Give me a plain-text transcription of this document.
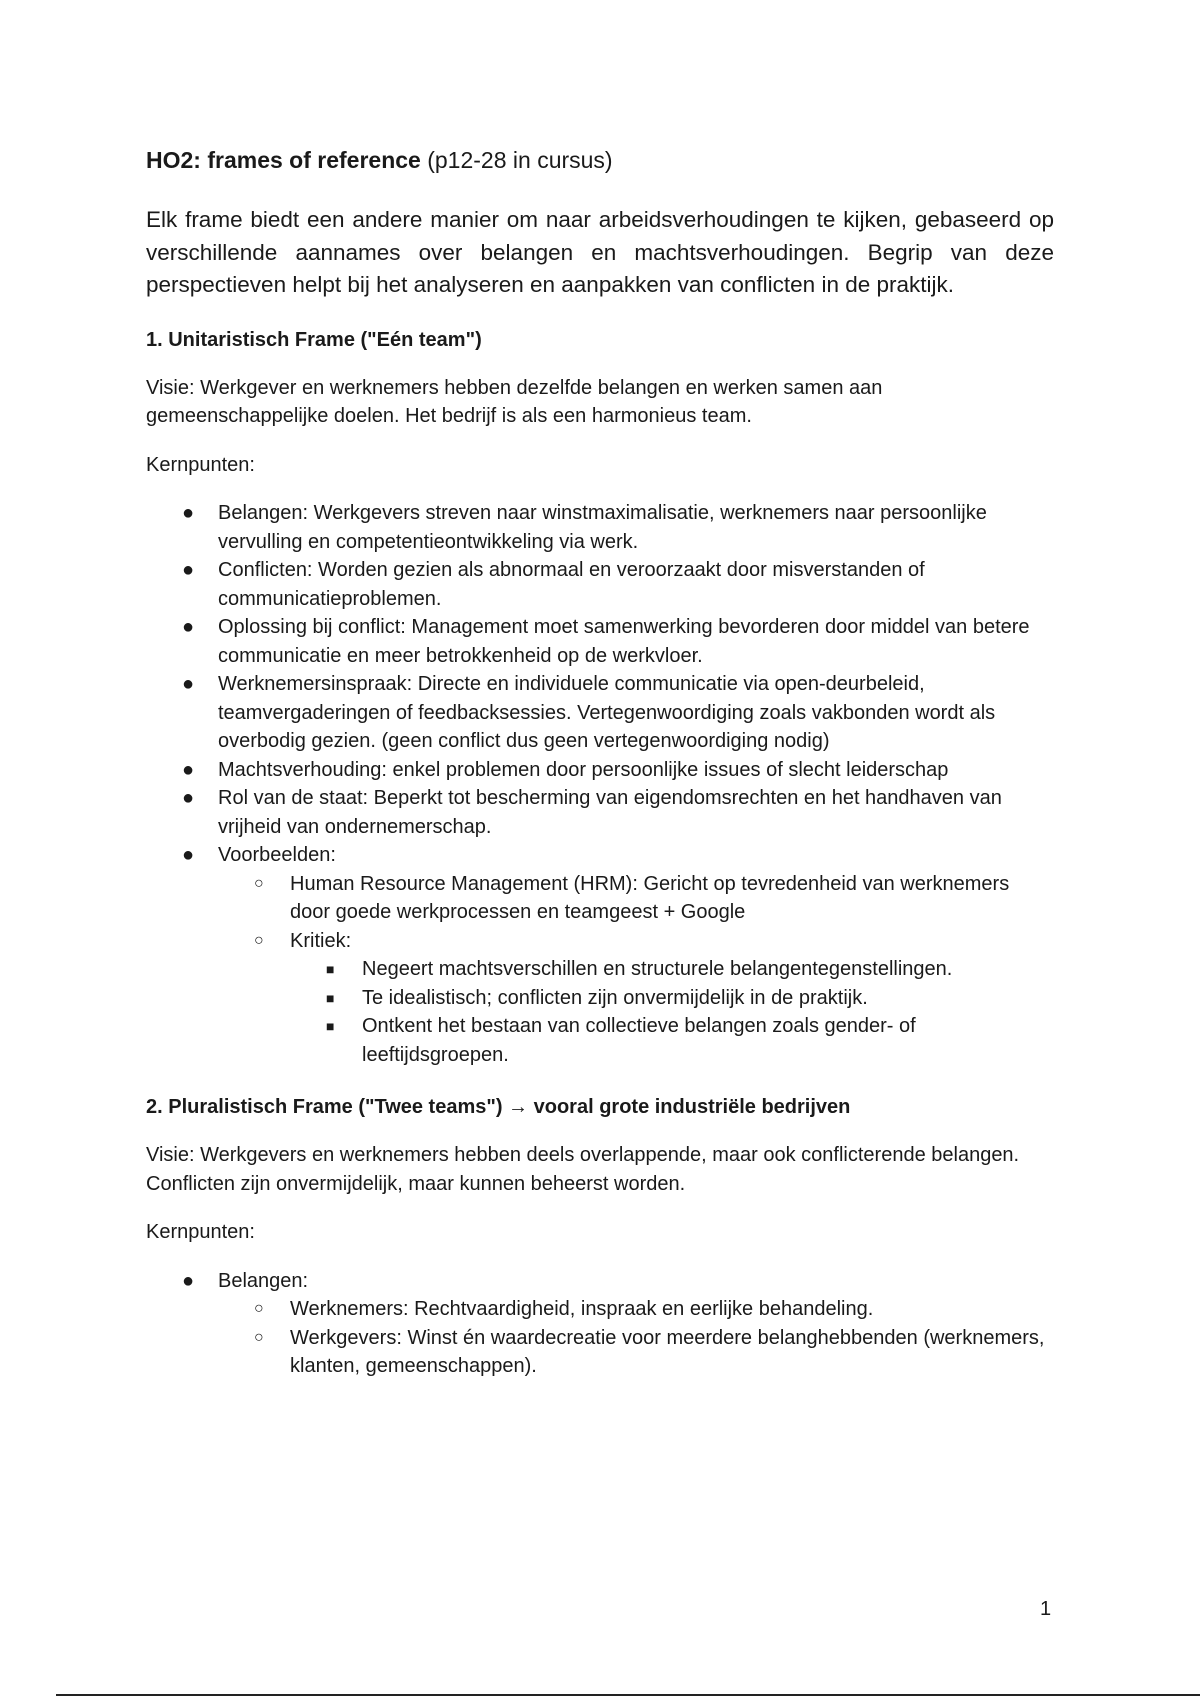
HO2: frames of reference (p12-28 in cursus)

Elk frame biedt een andere manier om naar arbeidsverhoudingen te kijken, gebaseerd op verschillende aannames over belangen en machtsverhoudingen. Begrip van deze perspectieven helpt bij het analyseren en aanpakken van conflicten in de praktijk.

1. Unitaristisch Frame ("Eén team")

Visie: Werkgever en werknemers hebben dezelfde belangen en werken samen aan gemeenschappelijke doelen. Het bedrijf is als een harmonieus team.

Kernpunten:

● Belangen: Werkgevers streven naar winstmaximalisatie, werknemers naar persoonlijke vervulling en competentieontwikkeling via werk.
● Conflicten: Worden gezien als abnormaal en veroorzaakt door misverstanden of communicatieproblemen.
● Oplossing bij conflict: Management moet samenwerking bevorderen door middel van betere communicatie en meer betrokkenheid op de werkvloer.
● Werknemersinspraak: Directe en individuele communicatie via open-deurbeleid, teamvergaderingen of feedbacksessies. Vertegenwoordiging zoals vakbonden wordt als overbodig gezien. (geen conflict dus geen vertegenwoordiging nodig)
● Machtsverhouding: enkel problemen door persoonlijke issues of slecht leiderschap
● Rol van de staat: Beperkt tot bescherming van eigendomsrechten en het handhaven van vrijheid van ondernemerschap.
● Voorbeelden:
○ Human Resource Management (HRM): Gericht op tevredenheid van werknemers door goede werkprocessen en teamgeest + Google
○ Kritiek:
■ Negeert machtsverschillen en structurele belangentegenstellingen.
■ Te idealistisch; conflicten zijn onvermijdelijk in de praktijk.
■ Ontkent het bestaan van collectieve belangen zoals gender- of leeftijdsgroepen.

2. Pluralistisch Frame ("Twee teams") → vooral grote industriële bedrijven

Visie: Werkgevers en werknemers hebben deels overlappende, maar ook conflicterende belangen. Conflicten zijn onvermijdelijk, maar kunnen beheerst worden.

Kernpunten:

● Belangen:
○ Werknemers: Rechtvaardigheid, inspraak en eerlijke behandeling.
○ Werkgevers: Winst én waardecreatie voor meerdere belanghebbenden (werknemers, klanten, gemeenschappen).
1
